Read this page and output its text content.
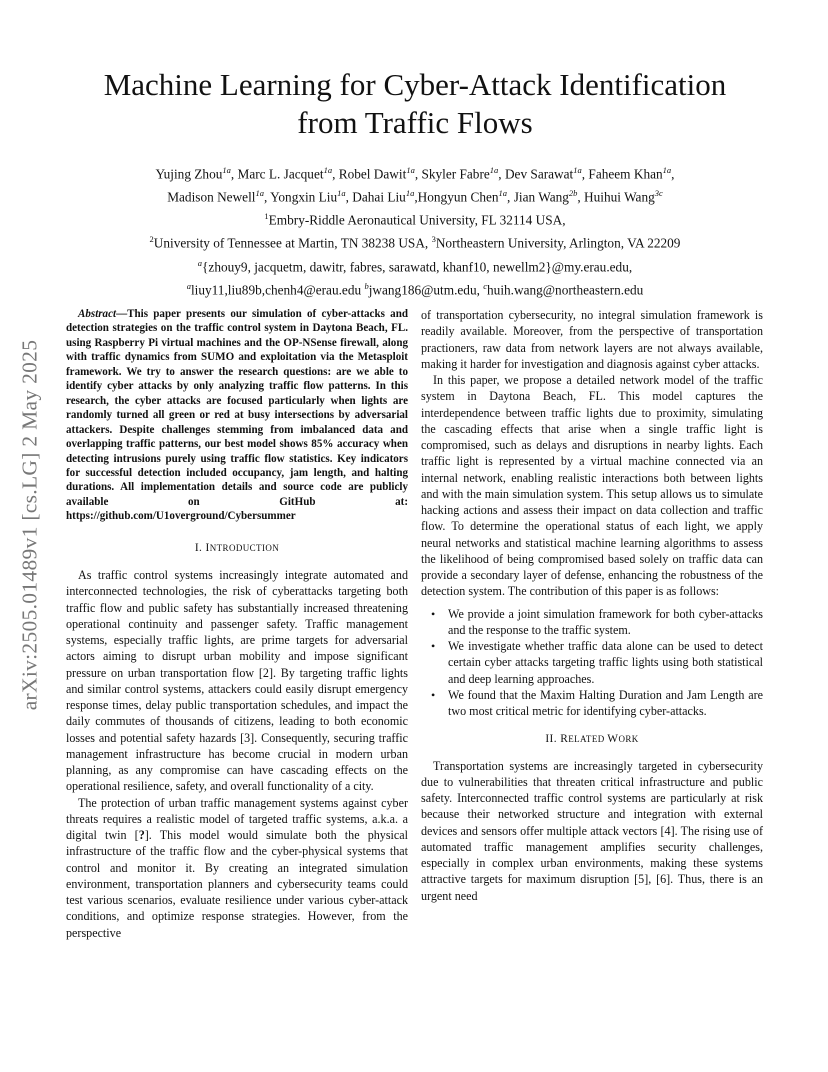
arXiv:2505.01489v1 [cs.LG] 2 May 2025
Machine Learning for Cyber-Attack Identification
from Traffic Flows
Yujing Zhou$^{1a}$, Marc L. Jacquet$^{1a}$, Robel Dawit$^{1a}$, Skyler Fabre$^{1a}$, Dev Sarawat$^{1a}$, Faheem Khan$^{1a}$,
Madison Newell$^{1a}$, Yongxin Liu$^{1a}$, Dahai Liu$^{1a}$,Hongyun Chen$^{1a}$, Jian Wang$^{2b}$, Huihui Wang$^{3c}$
$^1$Embry-Riddle Aeronautical University, FL 32114 USA,
$^2$University of Tennessee at Martin, TN 38238 USA, $^3$Northeastern University, Arlington, VA 22209
$^a${zhouy9, jacquetm, dawitr, fabres, sarawatd, khanf10, newellm2}@my.erau.edu,
$^a$liuy11,liu89b,chenh4@erau.edu $^b$jwang186@utm.edu, $^c$huih.wang@northeastern.edu

Abstract—This paper presents our simulation of cyber-attacks and detection strategies on the traffic control system in Daytona Beach, FL. using Raspberry Pi virtual machines and the OP-NSense firewall, along with traffic dynamics from SUMO and exploitation via the Metasploit framework. We try to answer the research questions: are we able to identify cyber attacks by only analyzing traffic flow patterns. In this research, the cyber attacks are focused particularly when lights are randomly turned all green or red at busy intersections by adversarial attackers. Despite challenges stemming from imbalanced data and overlapping traffic patterns, our best model shows 85% accuracy when detecting intrusions purely using traffic flow statistics. Key indicators for successful detection included occupancy, jam length, and halting durations. All implementation details and source code are publicly available on GitHub at: https://github.com/U1overground/Cybersummer

I. INTRODUCTION

As traffic control systems increasingly integrate automated and interconnected technologies, the risk of cyberattacks targeting both traffic flow and public safety has substantially increased threatening operational continuity and passenger safety. Traffic management systems, especially traffic lights, are prime targets for adversarial actors aiming to disrupt urban mobility and impose significant pressure on urban transportation flow [2]. By targeting traffic lights and similar control systems, attackers could easily disrupt emergency response times, delay public transportation schedules, and impact the daily commutes of thousands of citizens, leading to both economic losses and potential safety hazards [3]. Consequently, securing traffic management infrastructure has become crucial in modern urban planning, as any compromise can have cascading effects on the operational resilience, safety, and overall functionality of a city.

The protection of urban traffic management systems against cyber threats requires a realistic model of targeted traffic systems, a.k.a. a digital twin [?]. This model would simulate both the physical infrastructure of the traffic flow and the cyber-physical systems that control and monitor it. By creating an integrated simulation environment, transportation planners and cybersecurity teams could test various scenarios, evaluate resilience under various cyber-attack conditions, and optimize response strategies. However, from the perspective

of transportation cybersecurity, no integral simulation framework is readily available. Moreover, from the perspective of transportation practioners, raw data from network layers are not always available, making it harder for investigation and diagnosis against cyber attacks.

In this paper, we propose a detailed network model of the traffic system in Daytona Beach, FL. This model captures the interdependence between traffic lights due to proximity, simulating the cascading effects that arise when a single traffic light is compromised, such as delays and disruptions in nearby lights. Each traffic light is represented by a virtual machine connected via an internal network, enabling realistic interactions both between lights and with the main simulation system. This setup allows us to simulate hacking actions and assess their impact on data collection and traffic flow. To determine the operational status of each light, we apply neural networks and statistical machine learning algorithms to assess the likelihood of being compromised based solely on traffic data can provide a secondary layer of defense, enhancing the robustness of the detection system. The contribution of this paper is as follows:

• We provide a joint simulation framework for both cyber-attacks and the response to the traffic system.
• We investigate whether traffic data alone can be used to detect certain cyber attacks targeting traffic lights using both statistical and deep learning approaches.
• We found that the Maxim Halting Duration and Jam Length are two most critical metric for identifying cyber-attacks.
II. RELATED WORK

Transportation systems are increasingly targeted in cybersecurity due to vulnerabilities that threaten critical infrastructure and public safety. Interconnected traffic control systems are particularly at risk because their networked structure and integration with external devices and sensors offer multiple attack vectors [4]. The rising use of automated traffic management amplifies security challenges, especially in complex urban environments, making these systems attractive targets for maximum disruption [5], [6]. Thus, there is an urgent need
